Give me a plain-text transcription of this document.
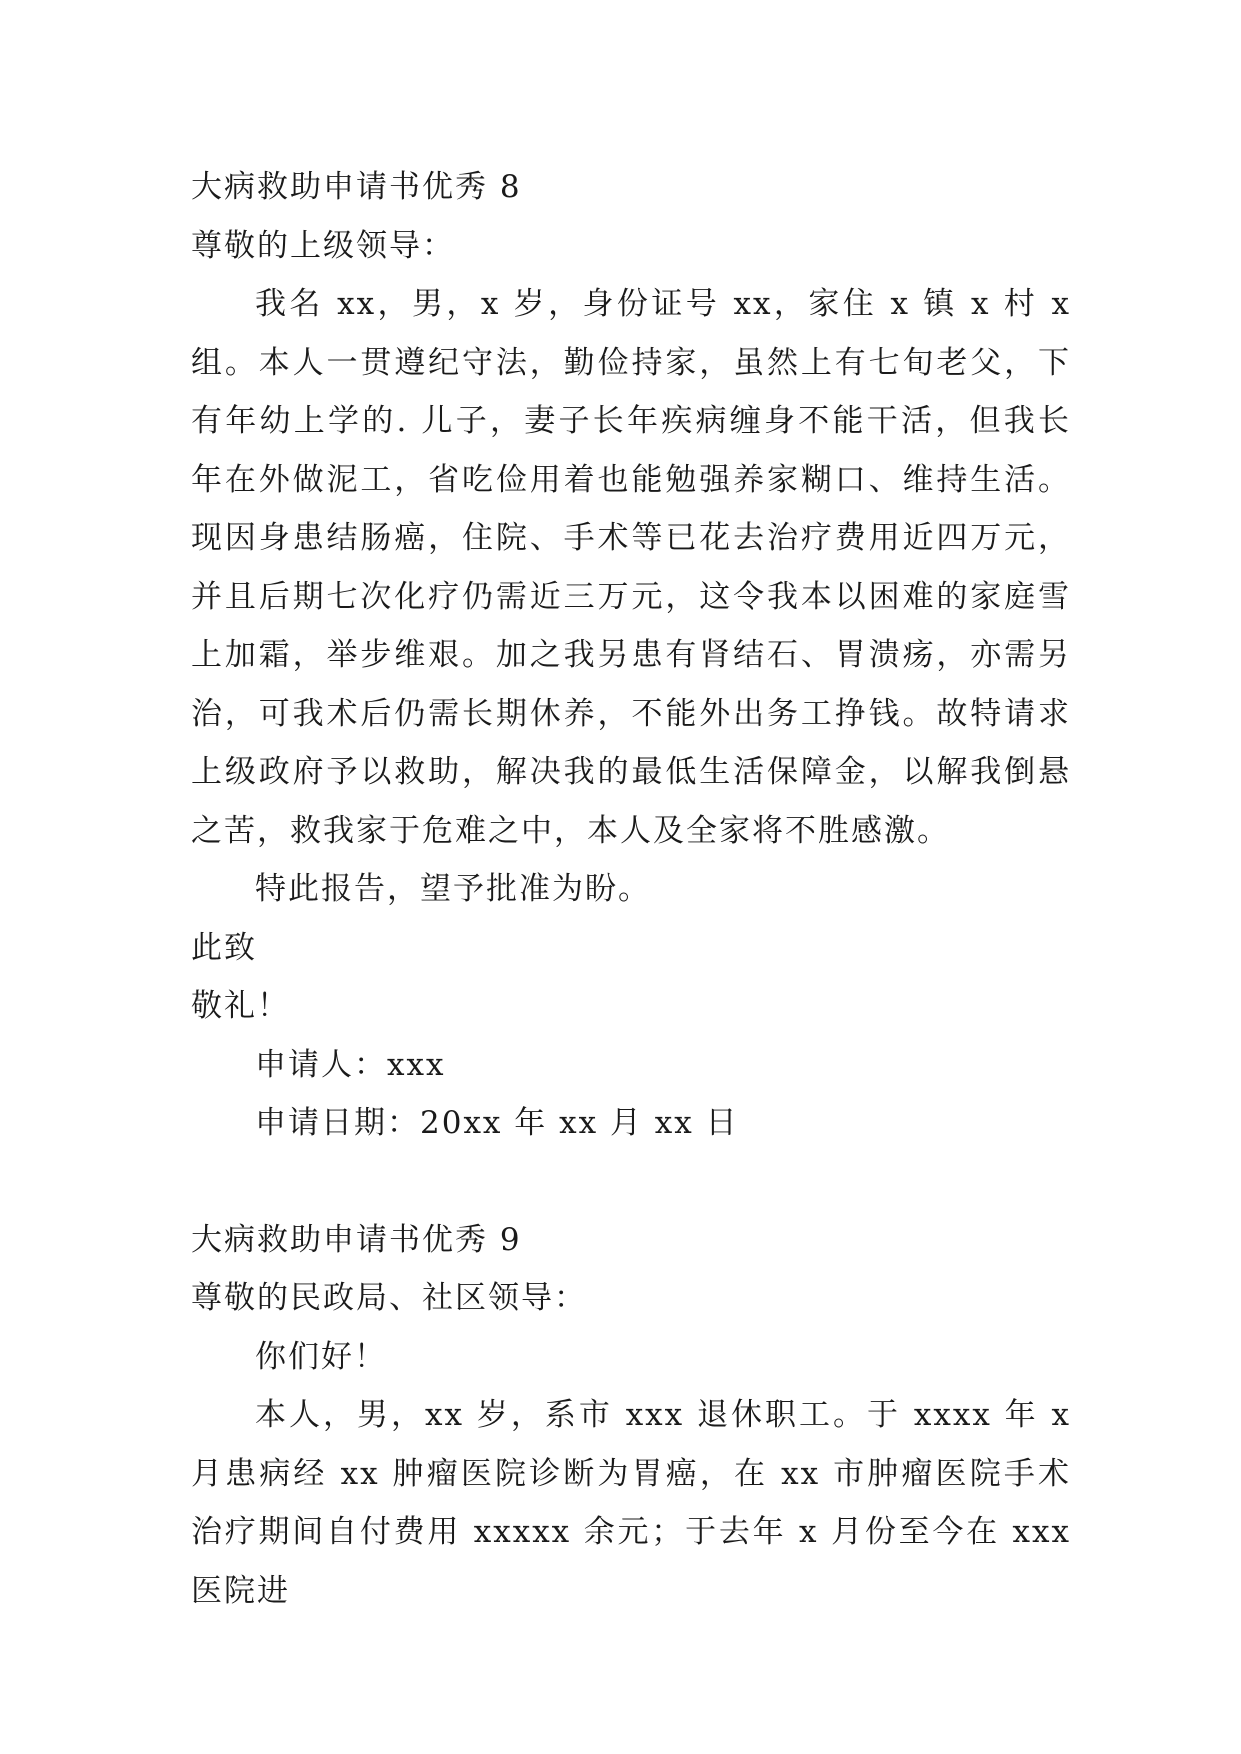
大病救助申请书优秀 8
尊敬的上级领导：

我名 xx，男，x 岁，身份证号 xx，家住 x 镇 x 村 x 组。本人一贯遵纪守法，勤俭持家，虽然上有七旬老父，下有年幼上学的. 儿子，妻子长年疾病缠身不能干活，但我长年在外做泥工，省吃俭用着也能勉强养家糊口、维持生活。现因身患结肠癌，住院、手术等已花去治疗费用近四万元，并且后期七次化疗仍需近三万元，这令我本以困难的家庭雪上加霜，举步维艰。加之我另患有肾结石、胃溃疡，亦需另治，可我术后仍需长期休养，不能外出务工挣钱。故特请求上级政府予以救助，解决我的最低生活保障金，以解我倒悬之苦，救我家于危难之中，本人及全家将不胜感激。

特此报告，望予批准为盼。
此致
敬礼！
申请人：xxx
申请日期：20xx 年 xx 月 xx 日
大病救助申请书优秀 9
尊敬的民政局、社区领导：
你们好！

本人，男，xx 岁，系市 xxx 退休职工。于 xxxx 年 x 月患病经 xx 肿瘤医院诊断为胃癌，在 xx 市肿瘤医院手术治疗期间自付费用 xxxxx 余元；于去年 x 月份至今在 xxx 医院进
